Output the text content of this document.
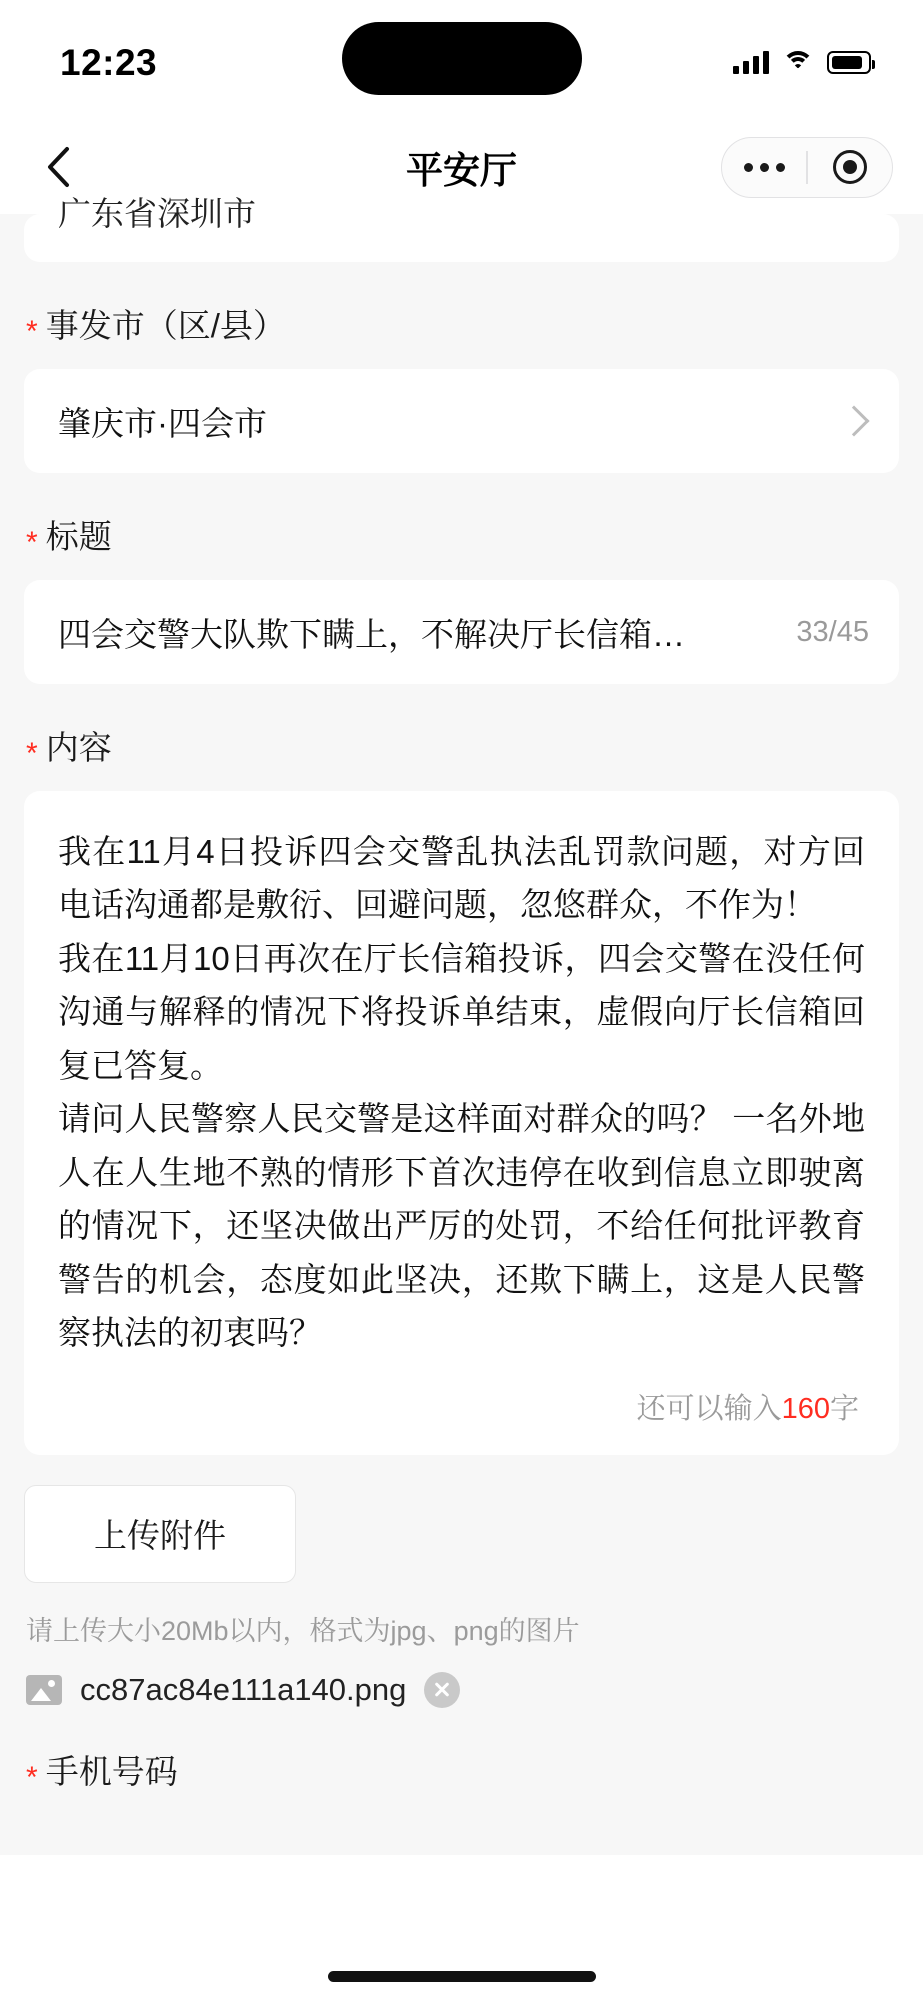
12:23
平安厅
广东省深圳市
* 事发市（区/县）
肇庆市·四会市
* 标题
四会交警大队欺下瞒上，不解决厅长信箱…	33/45
* 内容

我在11月4日投诉四会交警乱执法乱罚款问题，对方回电话沟通都是敷衍、回避问题，忽悠群众，不作为！

我在11月10日再次在厅长信箱投诉，四会交警在没任何沟通与解释的情况下将投诉单结束，虚假向厅长信箱回复已答复。

请问人民警察人民交警是这样面对群众的吗？ 一名外地人在人生地不熟的情形下首次违停在收到信息立即驶离的情况下，还坚决做出严厉的处罚，不给任何批评教育警告的机会，态度如此坚决，还欺下瞒上，这是人民警察执法的初衷吗？

还可以输入160字
上传附件
请上传大小20Mb以内，格式为jpg、png的图片
cc87ac84e111a140.png
* 手机号码
